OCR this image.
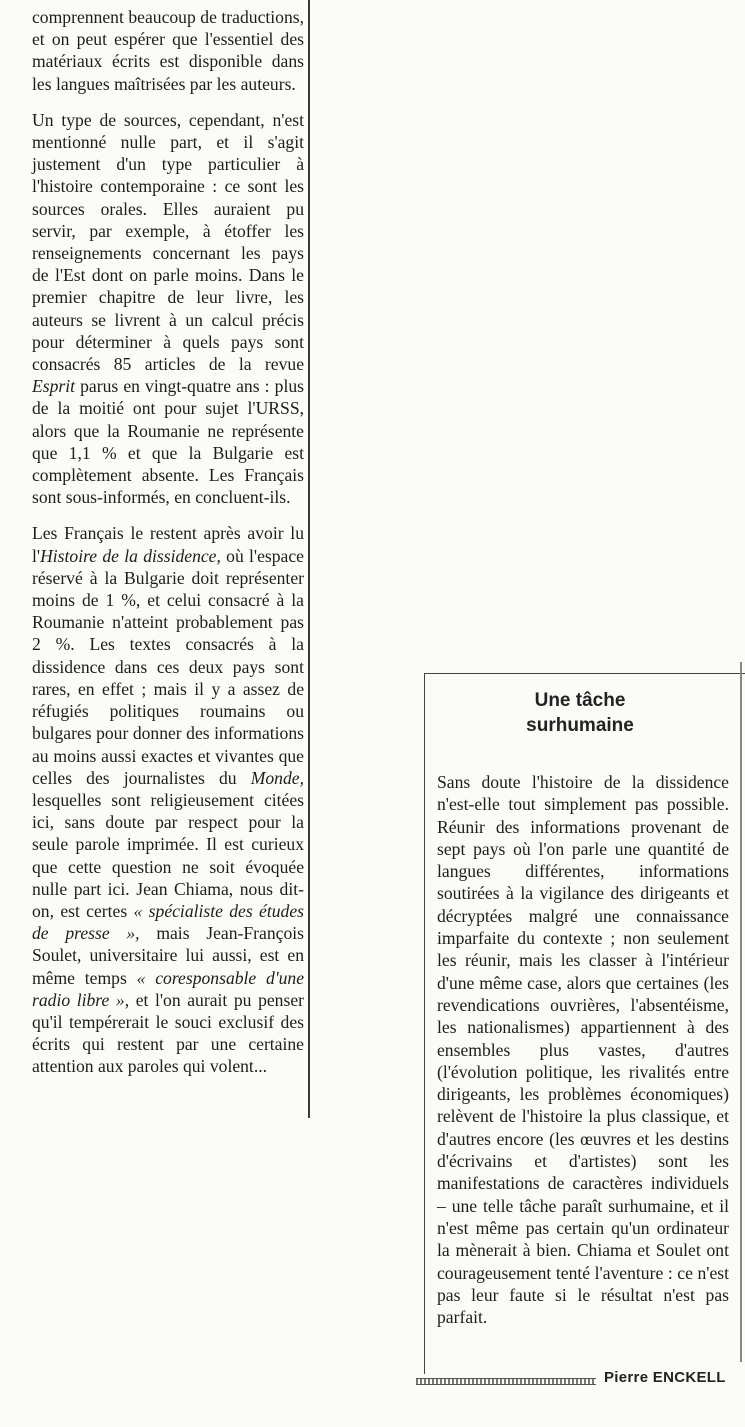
comprennent beaucoup de traductions, et on peut espérer que l'essentiel des matériaux écrits est disponible dans les langues maîtrisées par les auteurs.

Un type de sources, cependant, n'est mentionné nulle part, et il s'agit justement d'un type particulier à l'histoire contemporaine : ce sont les sources orales. Elles auraient pu servir, par exemple, à étoffer les renseignements concernant les pays de l'Est dont on parle moins. Dans le premier chapitre de leur livre, les auteurs se livrent à un calcul précis pour déterminer à quels pays sont consacrés 85 articles de la revue Esprit parus en vingt-quatre ans : plus de la moitié ont pour sujet l'URSS, alors que la Roumanie ne représente que 1,1 % et que la Bulgarie est complètement absente. Les Français sont sous-informés, en concluent-ils.

Les Français le restent après avoir lu l'Histoire de la dissidence, où l'espace réservé à la Bulgarie doit représenter moins de 1 %, et celui consacré à la Roumanie n'atteint probablement pas 2 %. Les textes consacrés à la dissidence dans ces deux pays sont rares, en effet ; mais il y a assez de réfugiés politiques roumains ou bulgares pour donner des informations au moins aussi exactes et vivantes que celles des journalistes du Monde, lesquelles sont religieusement citées ici, sans doute par respect pour la seule parole imprimée. Il est curieux que cette question ne soit évoquée nulle part ici. Jean Chiama, nous dit-on, est certes « spécialiste des études de presse », mais Jean-François Soulet, universitaire lui aussi, est en même temps « coresponsable d'une radio libre », et l'on aurait pu penser qu'il tempérerait le souci exclusif des écrits qui restent par une certaine attention aux paroles qui volent...

Une tâche
surhumaine

Sans doute l'histoire de la dissidence n'est-elle tout simplement pas possible. Réunir des informations provenant de sept pays où l'on parle une quantité de langues différentes, informations soutirées à la vigilance des dirigeants et décryptées malgré une connaissance imparfaite du contexte ; non seulement les réunir, mais les classer à l'intérieur d'une même case, alors que certaines (les revendications ouvrières, l'absentéisme, les nationalismes) appartiennent à des ensembles plus vastes, d'autres (l'évolution politique, les rivalités entre dirigeants, les problèmes économiques) relèvent de l'histoire la plus classique, et d'autres encore (les œuvres et les destins d'écrivains et d'artistes) sont les manifestations de caractères individuels – une telle tâche paraît surhumaine, et il n'est même pas certain qu'un ordinateur la mènerait à bien. Chiama et Soulet ont courageusement tenté l'aventure : ce n'est pas leur faute si le résultat n'est pas parfait.

Pierre ENCKELL
